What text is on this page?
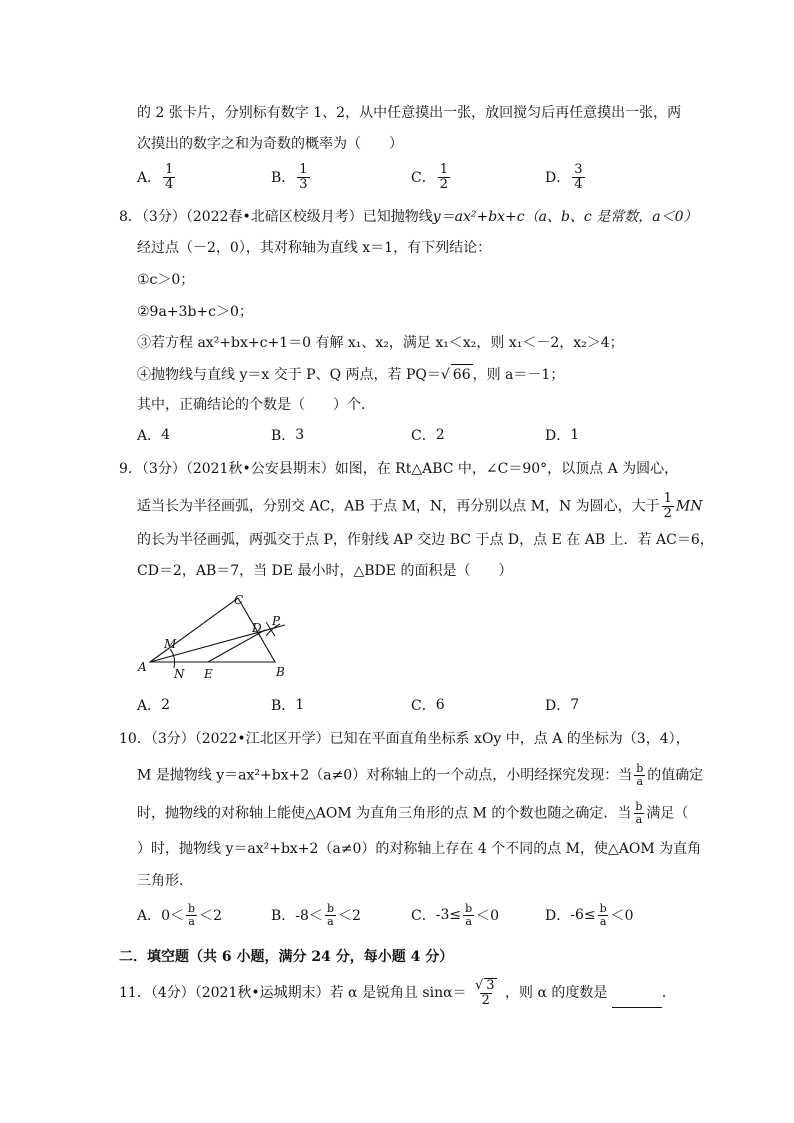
的 2 张卡片，分别标有数字 1、2，从中任意摸出一张，放回搅匀后再任意摸出一张，两
次摸出的数字之和为奇数的概率为（　　）
A． $\frac{1}{4}$	B． $\frac{1}{3}$	C． $\frac{1}{2}$	D． $\frac{3}{4}$
8．（3分）（2022春•北碚区校级月考）已知抛物线y＝ax²+bx+c（a、b、c 是常数，a＜0）
经过点（－2，0），其对称轴为直线 x＝1，有下列结论：
①c＞0；
②9a+3b+c＞0；
③若方程 ax²+bx+c+1＝0 有解 x₁、x₂，满足 x₁＜x₂，则 x₁＜－2，x₂＞4；
④抛物线与直线 y＝x 交于 P、Q 两点，若 PQ＝√ 66 ，则 a＝－1；
其中，正确结论的个数是（　　）个．
A． 4	B． 3	C． 2	D． 1
9．（3分）（2021秋•公安县期末）如图，在 Rt△ABC 中，∠C＝90°，以顶点 A 为圆心，
适当长为半径画弧，分别交 AC，AB 于点 M，N，再分别以点 M，N 为圆心，大于 $\frac{1}{2}$ MN
的长为半径画弧，两弧交于点 P，作射线 AP 交边 BC 于点 D，点 E 在 AB 上．若 AC＝6，
CD＝2，AB＝7，当 DE 最小时，△BDE 的面积是（　　）
A	B
C
D
E
M
N
P
A． 2	B． 1	C． 6	D． 7
10．（3分）（2022•江北区开学）已知在平面直角坐标系 xOy 中，点 A 的坐标为（3，4），
M 是抛物线 y＝ax²+bx+2（a≠0）对称轴上的一个动点，小明经探究发现：当 $\frac{b}{a}$ 的值确定
时，抛物线的对称轴上能使△AOM 为直角三角形的点 M 的个数也随之确定．当 $\frac{b}{a}$ 满足（
）时，抛物线 y＝ax²+bx+2（a≠0）的对称轴上存在 4 个不同的点 M，使△AOM 为直角
三角形．
A． $0< \frac{b}{a} <2$	B． $-8< \frac{b}{a} <2$	C． $-3\le \frac{b}{a} <0$	D． $-6\le \frac{b}{a} <0$
二．填空题（共 6 小题，满分 24 分，每小题 4 分）
11．（4分）（2021秋•运城期末）若 α 是锐角且 $\sin\alpha= \frac{√ 3}{2}$ ，则 α 的度数是	．
